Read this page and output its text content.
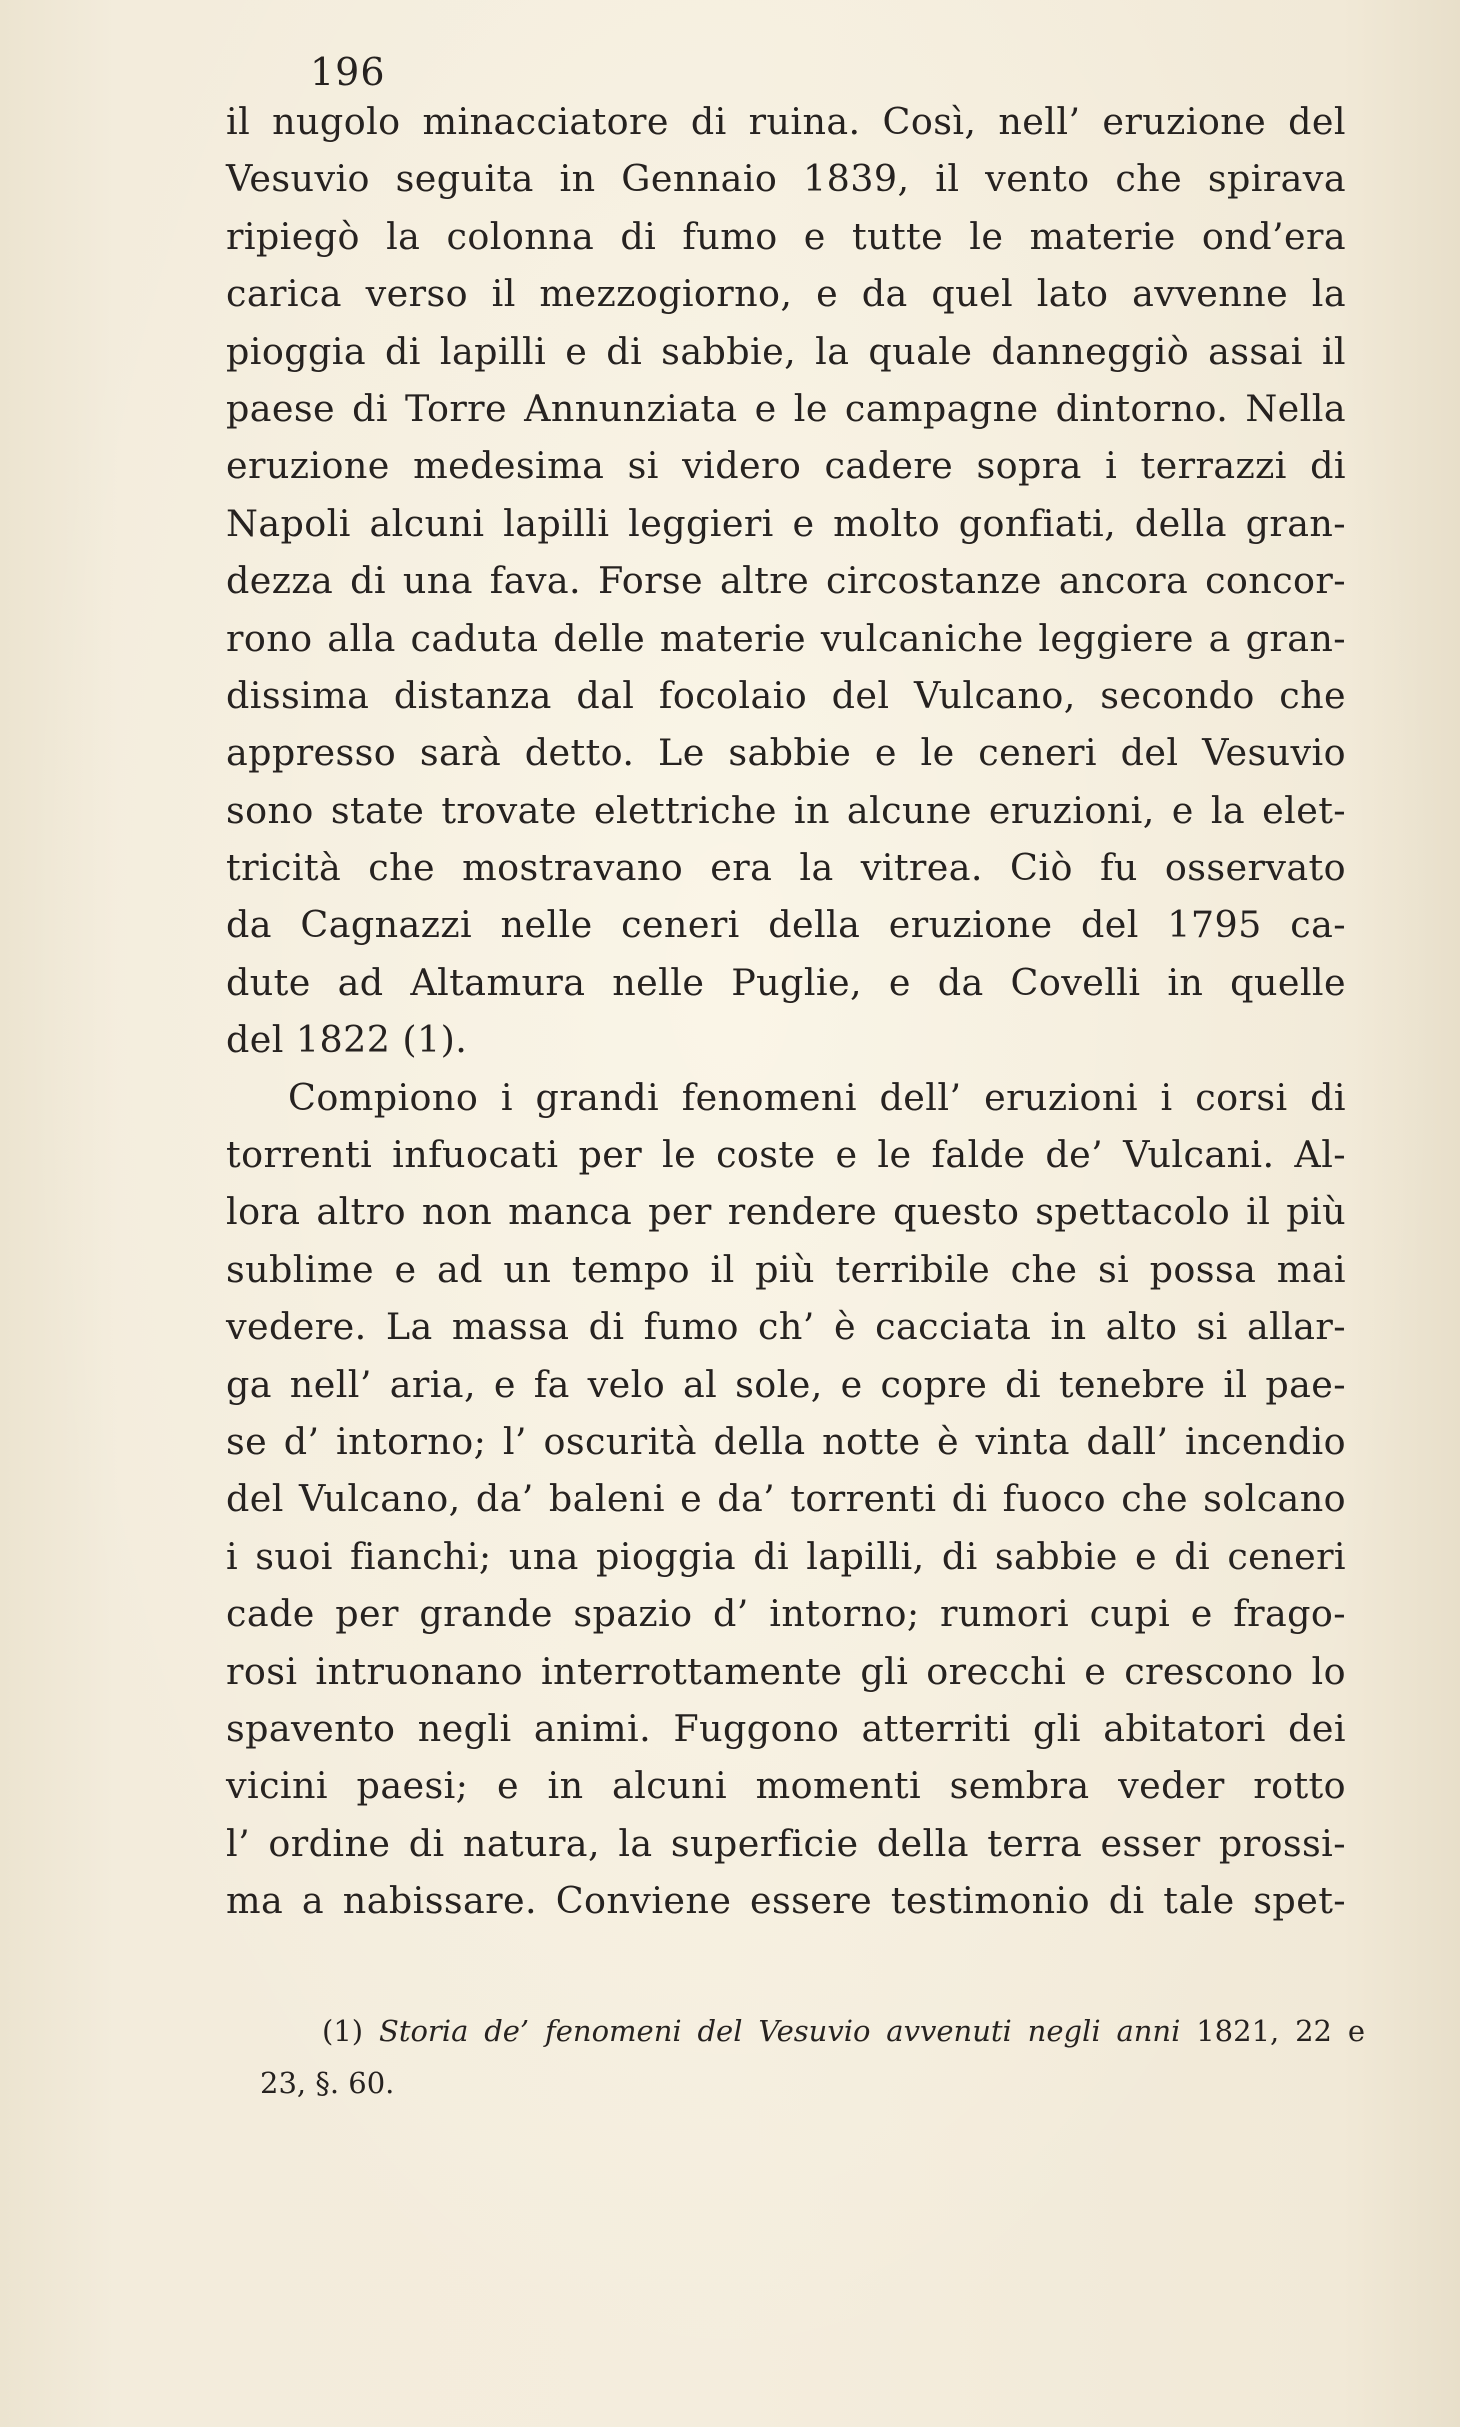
196
il nugolo minacciatore di ruina. Così, nell’ eruzione del
Vesuvio seguita in Gennaio 1839, il vento che spirava
ripiegò la colonna di fumo e tutte le materie ond’era
carica verso il mezzogiorno, e da quel lato avvenne la
pioggia di lapilli e di sabbie, la quale danneggiò assai il
paese di Torre Annunziata e le campagne dintorno. Nella
eruzione medesima si videro cadere sopra i terrazzi di
Napoli alcuni lapilli leggieri e molto gonfiati, della gran-
dezza di una fava. Forse altre circostanze ancora concor-
rono alla caduta delle materie vulcaniche leggiere a gran-
dissima distanza dal focolaio del Vulcano, secondo che
appresso sarà detto. Le sabbie e le ceneri del Vesuvio
sono state trovate elettriche in alcune eruzioni, e la elet-
tricità che mostravano era la vitrea. Ciò fu osservato
da Cagnazzi nelle ceneri della eruzione del 1795 ca-
dute ad Altamura nelle Puglie, e da Covelli in quelle
del 1822 (1).
Compiono i grandi fenomeni dell’ eruzioni i corsi di
torrenti infuocati per le coste e le falde de’ Vulcani. Al-
lora altro non manca per rendere questo spettacolo il più
sublime e ad un tempo il più terribile che si possa mai
vedere. La massa di fumo ch’ è cacciata in alto si allar-
ga nell’ aria, e fa velo al sole, e copre di tenebre il pae-
se d’ intorno; l’ oscurità della notte è vinta dall’ incendio
del Vulcano, da’ baleni e da’ torrenti di fuoco che solcano
i suoi fianchi; una pioggia di lapilli, di sabbie e di ceneri
cade per grande spazio d’ intorno; rumori cupi e frago-
rosi intruonano interrottamente gli orecchi e crescono lo
spavento negli animi. Fuggono atterriti gli abitatori dei
vicini paesi; e in alcuni momenti sembra veder rotto
l’ ordine di natura, la superficie della terra esser prossi-
ma a nabissare. Conviene essere testimonio di tale spet-
(1) Storia de’ fenomeni del Vesuvio avvenuti negli anni 1821, 22 e
23, §. 60.
